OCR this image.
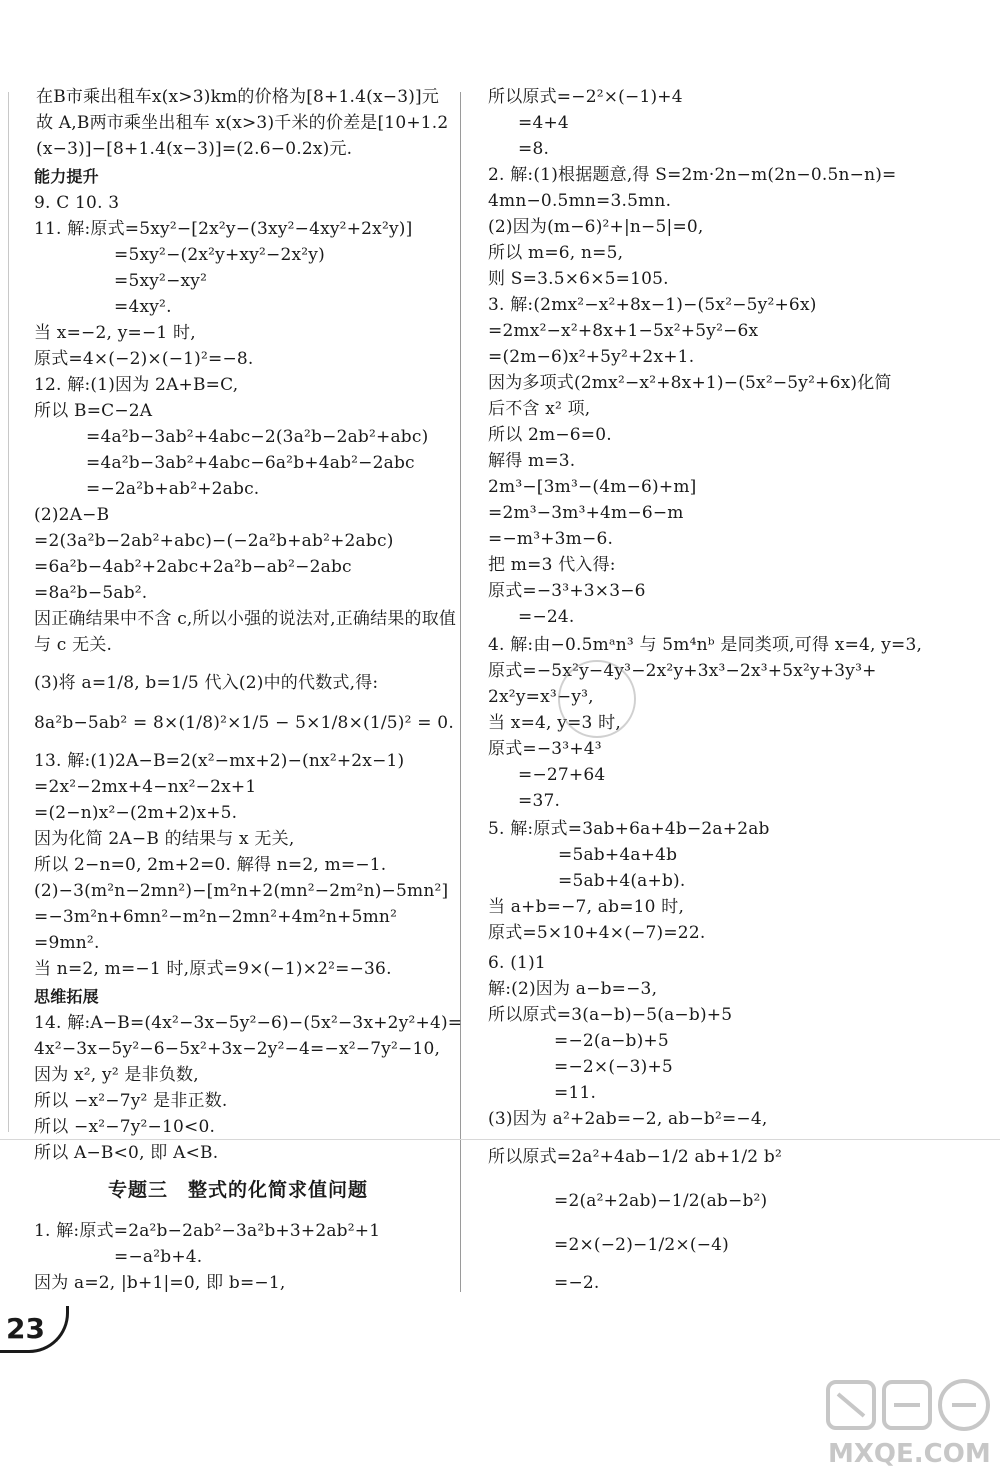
在B市乘出租车x(x>3)km的价格为[8+1.4(x−3)]元
故 A,B两市乘坐出租车 x(x>3)千米的价差是[10+1.2
(x−3)]−[8+1.4(x−3)]=(2.6−0.2x)元.
能力提升
9. C 10. 3
11. 解:原式=5xy²−[2x²y−(3xy²−4xy²+2x²y)]
=5xy²−(2x²y+xy²−2x²y)
=5xy²−xy²
=4xy².
当 x=−2, y=−1 时,
原式=4×(−2)×(−1)²=−8.
12. 解:(1)因为 2A+B=C,
所以 B=C−2A
=4a²b−3ab²+4abc−2(3a²b−2ab²+abc)
=4a²b−3ab²+4abc−6a²b+4ab²−2abc
=−2a²b+ab²+2abc.
(2)2A−B
=2(3a²b−2ab²+abc)−(−2a²b+ab²+2abc)
=6a²b−4ab²+2abc+2a²b−ab²−2abc
=8a²b−5ab².
因正确结果中不含 c,所以小强的说法对,正确结果的取值
与 c 无关.
(3)将 a=1/8, b=1/5 代入(2)中的代数式,得:
8a²b−5ab² = 8×(1/8)²×1/5 − 5×1/8×(1/5)² = 0.
13. 解:(1)2A−B=2(x²−mx+2)−(nx²+2x−1)
=2x²−2mx+4−nx²−2x+1
=(2−n)x²−(2m+2)x+5.
因为化简 2A−B 的结果与 x 无关,
所以 2−n=0, 2m+2=0. 解得 n=2, m=−1.
(2)−3(m²n−2mn²)−[m²n+2(mn²−2m²n)−5mn²]
=−3m²n+6mn²−m²n−2mn²+4m²n+5mn²
=9mn².
当 n=2, m=−1 时,原式=9×(−1)×2²=−36.
思维拓展
14. 解:A−B=(4x²−3x−5y²−6)−(5x²−3x+2y²+4)=
4x²−3x−5y²−6−5x²+3x−2y²−4=−x²−7y²−10,
因为 x², y² 是非负数,
所以 −x²−7y² 是非正数.
所以 −x²−7y²−10<0.
所以 A−B<0, 即 A<B.
专题三　整式的化简求值问题
1. 解:原式=2a²b−2ab²−3a²b+3+2ab²+1
=−a²b+4.
因为 a=2, |b+1|=0, 即 b=−1,
所以原式=−2²×(−1)+4
=4+4
=8.
2. 解:(1)根据题意,得 S=2m·2n−m(2n−0.5n−n)=
4mn−0.5mn=3.5mn.
(2)因为(m−6)²+|n−5|=0,
所以 m=6, n=5,
则 S=3.5×6×5=105.
3. 解:(2mx²−x²+8x−1)−(5x²−5y²+6x)
=2mx²−x²+8x+1−5x²+5y²−6x
=(2m−6)x²+5y²+2x+1.
因为多项式(2mx²−x²+8x+1)−(5x²−5y²+6x)化简
后不含 x² 项,
所以 2m−6=0.
解得 m=3.
2m³−[3m³−(4m−6)+m]
=2m³−3m³+4m−6−m
=−m³+3m−6.
把 m=3 代入得:
原式=−3³+3×3−6
=−24.
4. 解:由−0.5mᵃn³ 与 5m⁴nᵇ 是同类项,可得 x=4, y=3,
原式=−5x²y−4y³−2x²y+3x³−2x³+5x²y+3y³+
2x²y=x³−y³,
当 x=4, y=3 时,
原式=−3³+4³
=−27+64
=37.
5. 解:原式=3ab+6a+4b−2a+2ab
=5ab+4a+4b
=5ab+4(a+b).
当 a+b=−7, ab=10 时,
原式=5×10+4×(−7)=22.
6. (1)1
解:(2)因为 a−b=−3,
所以原式=3(a−b)−5(a−b)+5
=−2(a−b)+5
=−2×(−3)+5
=11.
(3)因为 a²+2ab=−2, ab−b²=−4,
所以原式=2a²+4ab−1/2 ab+1/2 b²
=2(a²+2ab)−1/2(ab−b²)
=2×(−2)−1/2×(−4)
=−2.
23
MXQE.COM
